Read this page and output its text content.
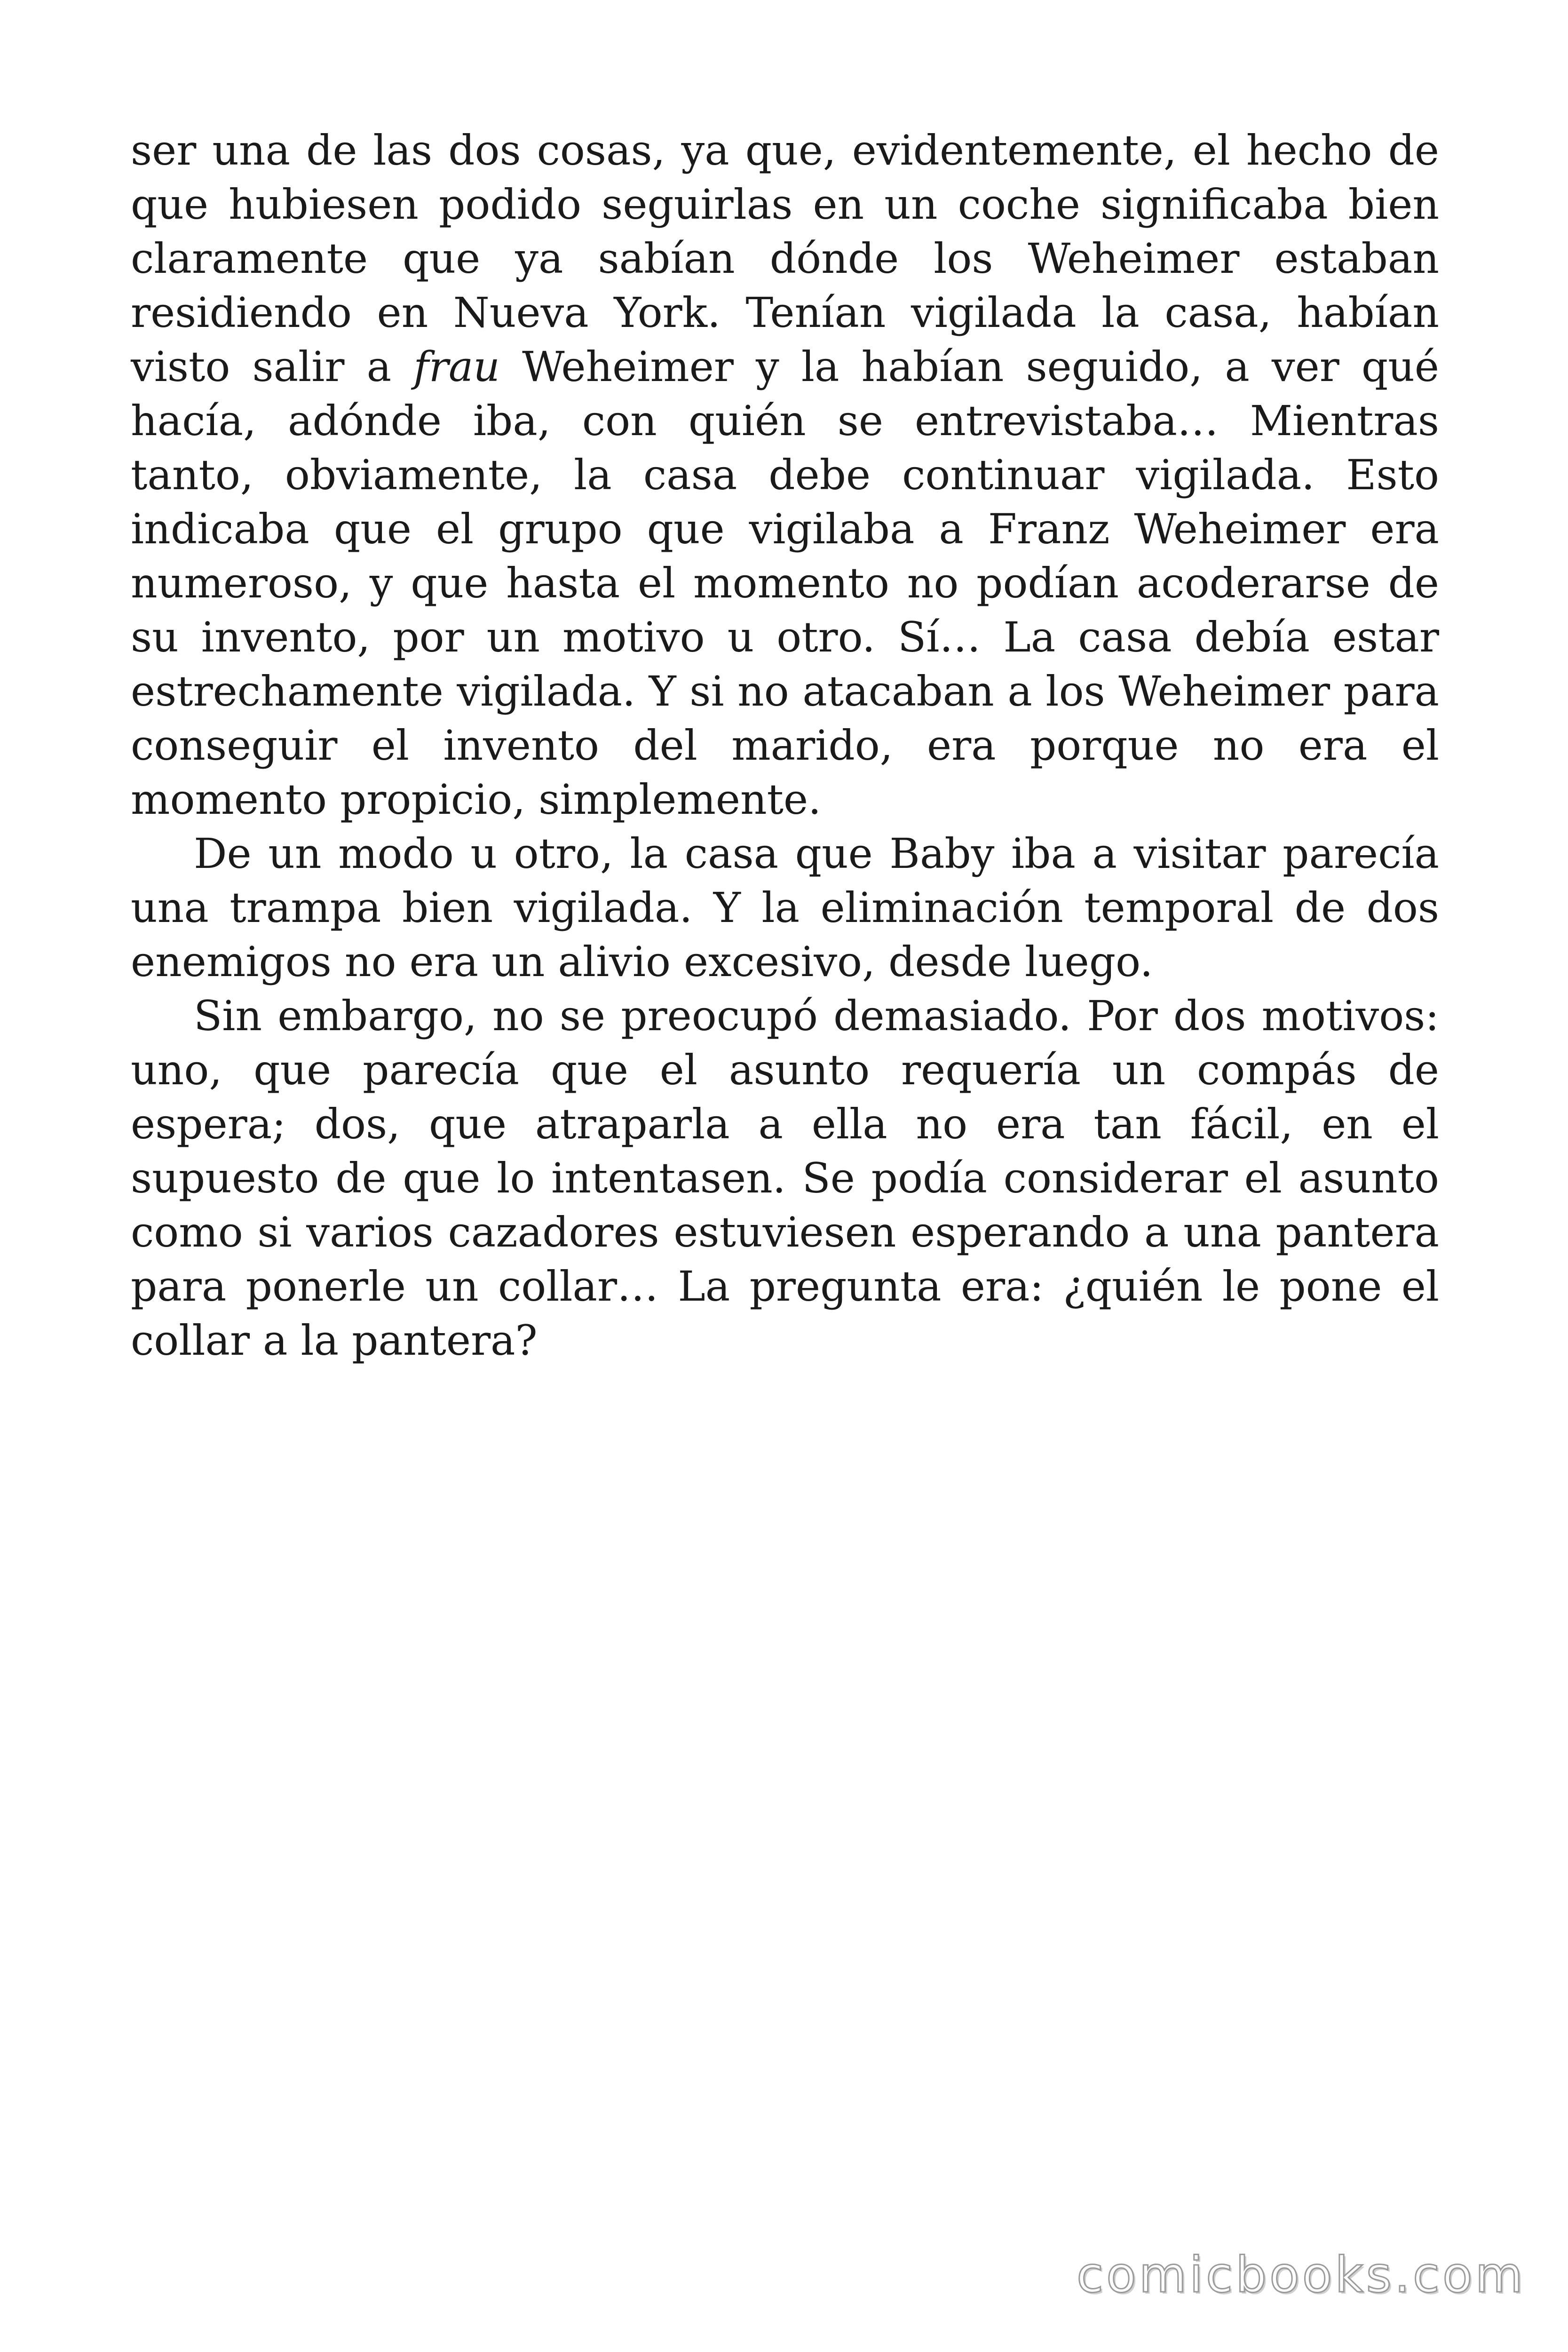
ser una de las dos cosas, ya que, evidentemente, el hecho de que hubiesen podido seguirlas en un coche significaba bien claramente que ya sabían dónde los Weheimer estaban residiendo en Nueva York. Tenían vigilada la casa, habían visto salir a frau Weheimer y la habían seguido, a ver qué hacía, adónde iba, con quién se entrevistaba… Mientras tanto, obviamente, la casa debe continuar vigilada. Esto indicaba que el grupo que vigilaba a Franz Weheimer era numeroso, y que hasta el momento no podían acoderarse de su invento, por un motivo u otro. Sí… La casa debía estar estrechamente vigilada. Y si no atacaban a los Weheimer para conseguir el invento del marido, era porque no era el momento propicio, simplemente.

De un modo u otro, la casa que Baby iba a visitar parecía una trampa bien vigilada. Y la eliminación temporal de dos enemigos no era un alivio excesivo, desde luego.

Sin embargo, no se preocupó demasiado. Por dos motivos: uno, que parecía que el asunto requería un compás de espera; dos, que atraparla a ella no era tan fácil, en el supuesto de que lo intentasen. Se podía considerar el asunto como si varios cazadores estuviesen esperando a una pantera para ponerle un collar… La pregunta era: ¿quién le pone el collar a la pantera?

comicbooks.com
